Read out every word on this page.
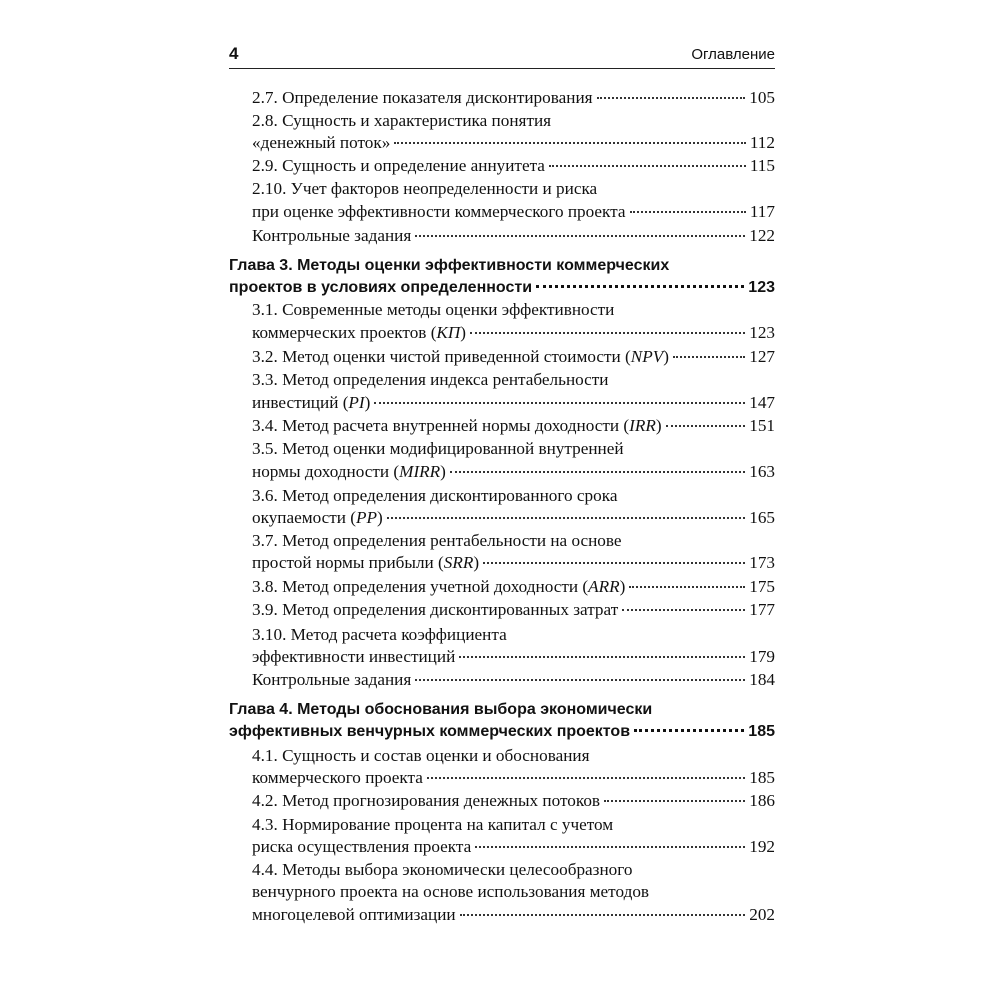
4	Оглавление
2.7. Определение показателя дисконтирования	105
2.8. Сущность и характеристика понятия
«денежный поток»	112
2.9. Сущность и определение аннуитета	115
2.10. Учет факторов неопределенности и риска
при оценке эффективности коммерческого проекта	117
Контрольные задания	122
Глава 3. Методы оценки эффективности коммерческих
проектов в условиях определенности	123
3.1. Современные методы оценки эффективности
коммерческих проектов (КП)	123
3.2. Метод оценки чистой приведенной стоимости (NPV)	127
3.3. Метод определения индекса рентабельности
инвестиций (PI)	147
3.4. Метод расчета внутренней нормы доходности (IRR)	151
3.5. Метод оценки модифицированной внутренней
нормы доходности (MIRR)	163
3.6. Метод определения дисконтированного срока
окупаемости (PP)	165
3.7. Метод определения рентабельности на основе
простой нормы прибыли (SRR)	173
3.8. Метод определения учетной доходности (ARR)	175
3.9. Метод определения дисконтированных затрат	177
3.10. Метод расчета коэффициента
эффективности инвестиций	179
Контрольные задания	184
Глава 4. Методы обоснования выбора экономически
эффективных венчурных коммерческих проектов	185
4.1. Сущность и состав оценки и обоснования
коммерческого проекта	185
4.2. Метод прогнозирования денежных потоков	186
4.3. Нормирование процента на капитал с учетом
риска осуществления проекта	192
4.4. Методы выбора экономически целесообразного
венчурного проекта на основе использования методов
многоцелевой оптимизации	202
